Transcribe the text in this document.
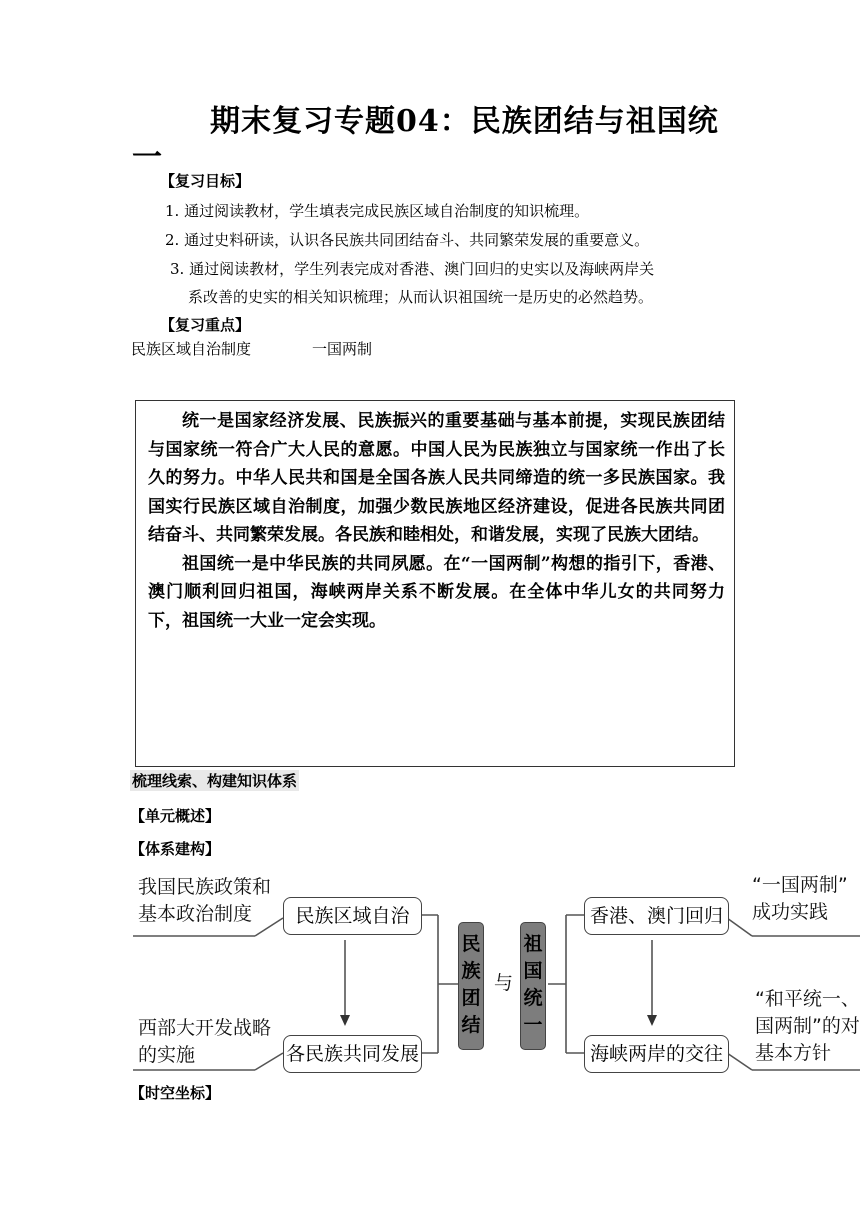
期末复习专题04：民族团结与祖国统
一
【复习目标】
1. 通过阅读教材，学生填表完成民族区域自治制度的知识梳理。
2. 通过史料研读，认识各民族共同团结奋斗、共同繁荣发展的重要意义。
3. 通过阅读教材，学生列表完成对香港、澳门回归的史实以及海峡两岸关
系改善的史实的相关知识梳理；从而认识祖国统一是历史的必然趋势。
【复习重点】
民族区域自治制度	一国两制

统一是国家经济发展、民族振兴的重要基础与基本前提，实现民族团结与国家统一符合广大人民的意愿。中国人民为民族独立与国家统一作出了长久的努力。中华人民共和国是全国各族人民共同缔造的统一多民族国家。我国实行民族区域自治制度，加强少数民族地区经济建设，促进各民族共同团结奋斗、共同繁荣发展。各民族和睦相处，和谐发展，实现了民族大团结。

祖国统一是中华民族的共同夙愿。在“一国两制”构想的指引下，香港、澳门顺利回归祖国，海峡两岸关系不断发展。在全体中华儿女的共同努力下，祖国统一大业一定会实现。

梳理线索、构建知识体系
【单元概述】
【体系建构】
我国民族政策和
基本政治制度
西部大开发战略
的实施
民族区域自治
各民族共同发展
民
族
团
结
与
祖
国
统
一
香港、澳门回归
海峡两岸的交往
“一国两制”
成功实践
“和平统一、
国两制”的对
基本方针
【时空坐标】
